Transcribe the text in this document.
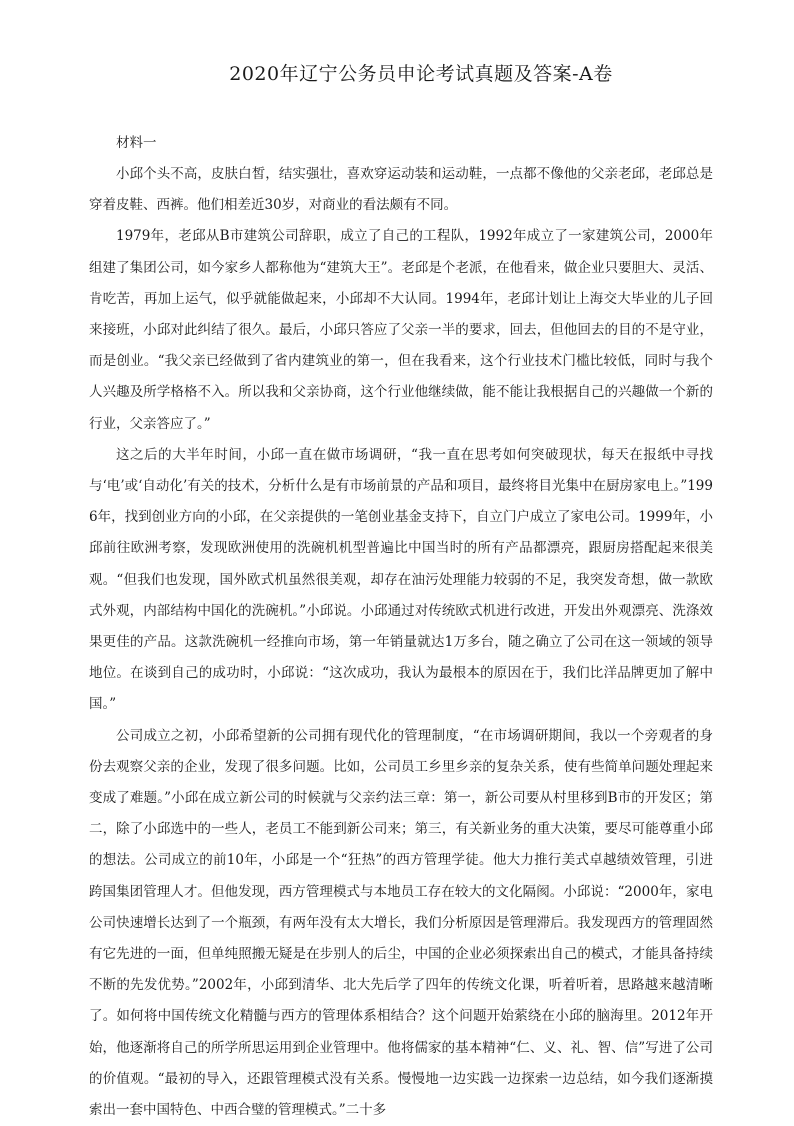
2020年辽宁公务员申论考试真题及答案-A卷

材料一

小邱个头不高，皮肤白皙，结实强壮，喜欢穿运动装和运动鞋，一点都不像他的父亲老邱，老邱总是穿着皮鞋、西裤。他们相差近30岁，对商业的看法颇有不同。

1979年，老邱从B市建筑公司辞职，成立了自己的工程队，1992年成立了一家建筑公司，2000年组建了集团公司，如今家乡人都称他为“建筑大王”。老邱是个老派，在他看来，做企业只要胆大、灵活、肯吃苦，再加上运气，似乎就能做起来，小邱却不大认同。1994年，老邱计划让上海交大毕业的儿子回来接班，小邱对此纠结了很久。最后，小邱只答应了父亲一半的要求，回去，但他回去的目的不是守业，而是创业。“我父亲已经做到了省内建筑业的第一，但在我看来，这个行业技术门槛比较低，同时与我个人兴趣及所学格格不入。所以我和父亲协商，这个行业他继续做，能不能让我根据自己的兴趣做一个新的行业，父亲答应了。”

这之后的大半年时间，小邱一直在做市场调研，“我一直在思考如何突破现状，每天在报纸中寻找与‘电’或‘自动化’有关的技术，分析什么是有市场前景的产品和项目，最终将目光集中在厨房家电上。”1996年，找到创业方向的小邱，在父亲提供的一笔创业基金支持下，自立门户成立了家电公司。1999年，小邱前往欧洲考察，发现欧洲使用的洗碗机机型普遍比中国当时的所有产品都漂亮，跟厨房搭配起来很美观。“但我们也发现，国外欧式机虽然很美观，却存在油污处理能力较弱的不足，我突发奇想，做一款欧式外观，内部结构中国化的洗碗机。”小邱说。小邱通过对传统欧式机进行改进，开发出外观漂亮、洗涤效果更佳的产品。这款洗碗机一经推向市场，第一年销量就达1万多台，随之确立了公司在这一领域的领导地位。在谈到自己的成功时，小邱说：“这次成功，我认为最根本的原因在于，我们比洋品牌更加了解中国。”

公司成立之初，小邱希望新的公司拥有现代化的管理制度，“在市场调研期间，我以一个旁观者的身份去观察父亲的企业，发现了很多问题。比如，公司员工乡里乡亲的复杂关系，使有些简单问题处理起来变成了难题。”小邱在成立新公司的时候就与父亲约法三章：第一，新公司要从村里移到B市的开发区；第二，除了小邱选中的一些人，老员工不能到新公司来；第三，有关新业务的重大决策，要尽可能尊重小邱的想法。公司成立的前10年，小邱是一个“狂热”的西方管理学徒。他大力推行美式卓越绩效管理，引进跨国集团管理人才。但他发现，西方管理模式与本地员工存在较大的文化隔阂。小邱说：“2000年，家电公司快速增长达到了一个瓶颈，有两年没有太大增长，我们分析原因是管理滞后。我发现西方的管理固然有它先进的一面，但单纯照搬无疑是在步别人的后尘，中国的企业必须探索出自己的模式，才能具备持续不断的先发优势。”2002年，小邱到清华、北大先后学了四年的传统文化课，听着听着，思路越来越清晰了。如何将中国传统文化精髓与西方的管理体系相结合？这个问题开始萦绕在小邱的脑海里。2012年开始，他逐渐将自己的所学所思运用到企业管理中。他将儒家的基本精神“仁、义、礼、智、信”写进了公司的价值观。“最初的导入，还跟管理模式没有关系。慢慢地一边实践一边探索一边总结，如今我们逐渐摸索出一套中国特色、中西合璧的管理模式。”二十多
